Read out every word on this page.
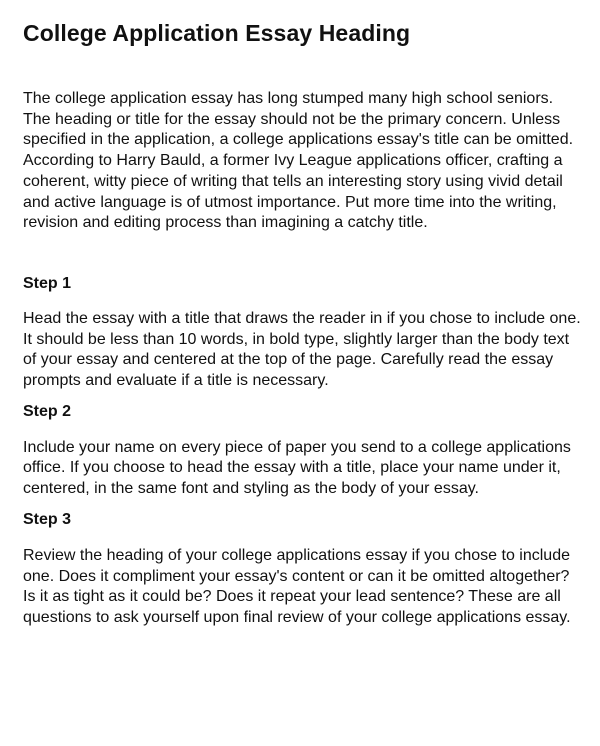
College Application Essay Heading

The college application essay has long stumped many high school seniors. The heading or title for the essay should not be the primary concern. Unless specified in the application, a college applications essay's title can be omitted. According to Harry Bauld, a former Ivy League applications officer, crafting a coherent, witty piece of writing that tells an interesting story using vivid detail and active language is of utmost importance. Put more time into the writing, revision and editing process than imagining a catchy title.

Step 1

Head the essay with a title that draws the reader in if you chose to include one. It should be less than 10 words, in bold type, slightly larger than the body text of your essay and centered at the top of the page. Carefully read the essay prompts and evaluate if a title is necessary.

Step 2

Include your name on every piece of paper you send to a college applications office. If you choose to head the essay with a title, place your name under it, centered, in the same font and styling as the body of your essay.

Step 3

Review the heading of your college applications essay if you chose to include one. Does it compliment your essay's content or can it be omitted altogether? Is it as tight as it could be? Does it repeat your lead sentence? These are all questions to ask yourself upon final review of your college applications essay.
